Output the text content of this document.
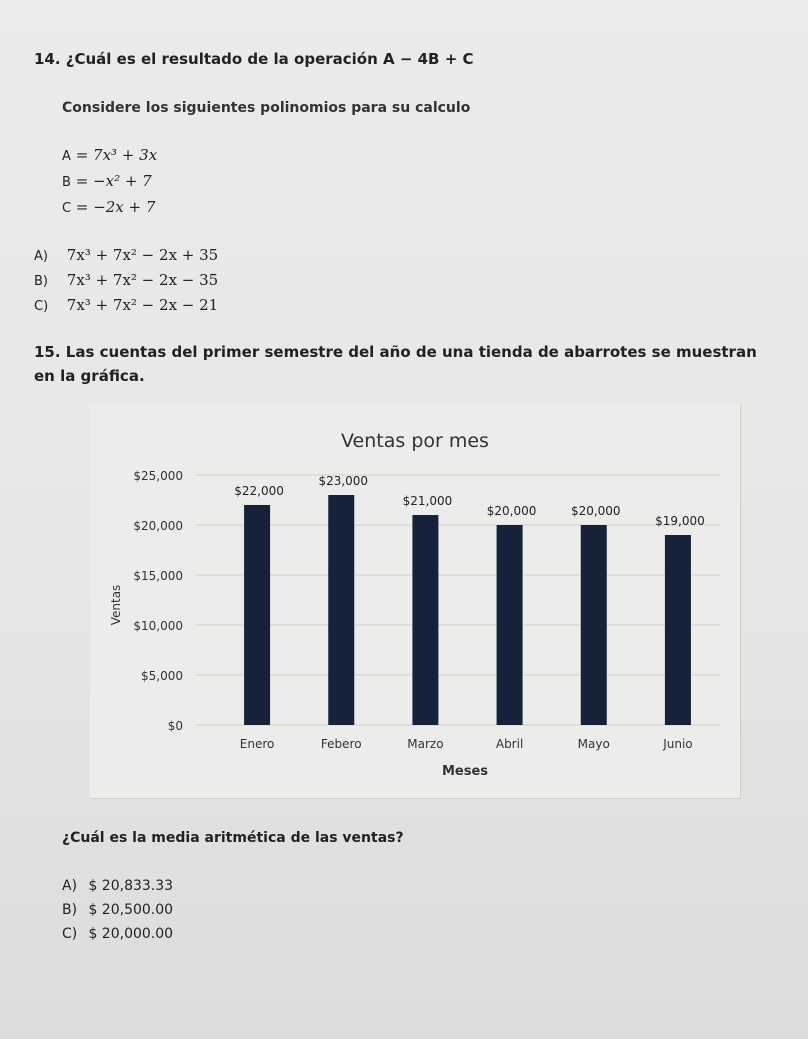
14. ¿Cuál es el resultado de la operación A − 4B + C
Considere los siguientes polinomios para su calculo
A = 7x³ + 3x
B = −x² + 7
C = −2x + 7
A) 7x³ + 7x² − 2x + 35
B) 7x³ + 7x² − 2x − 35
C) 7x³ + 7x² − 2x − 21
15. Las cuentas del primer semestre del año de una tienda de abarrotes se muestran en la gráfica.
Ventas por mes
Meses
Ventas
$0
$5,000
$10,000
$15,000
$20,000
$25,000
$22,000
$23,000
$21,000
$20,000	$20,000
$19,000
Enero	Febero	Marzo	Abril	Mayo	Junio
¿Cuál es la media aritmética de las ventas?
A) $ 20,833.33
B) $ 20,500.00
C) $ 20,000.00
